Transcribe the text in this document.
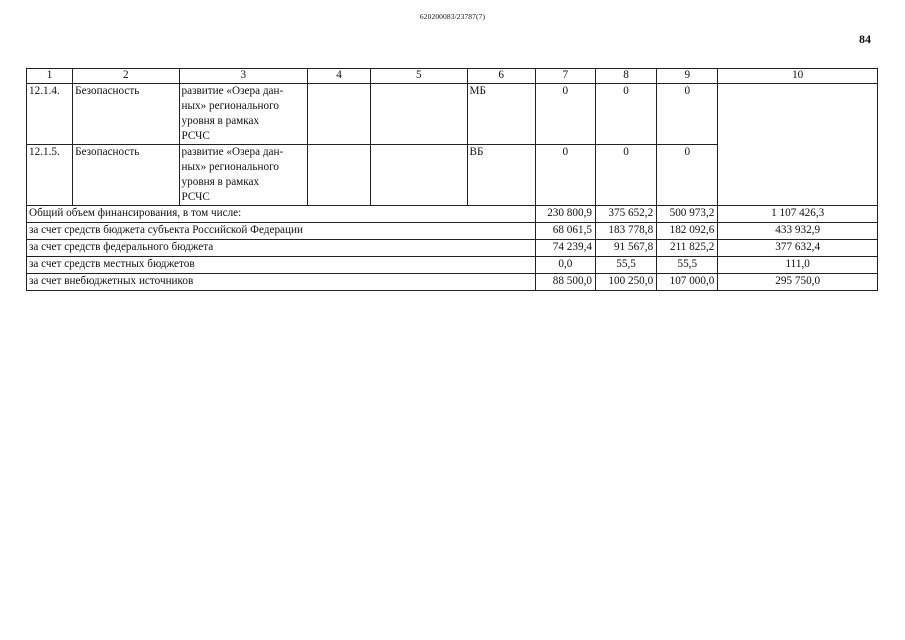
620200083/23787(7)
84
1	2	3	4	5	6	7	8	9	10
12.1.4.	Безопасность	развитие «Озера дан-
ных» регионального
уровня в рамках
РСЧС			МБ	0	0	0	
12.1.5.	Безопасность	развитие «Озера дан-
ных» регионального
уровня в рамках
РСЧС			ВБ	0	0	0	
Общий объем финансирования, в том числе:						230 800,9	375 652,2	500 973,2	1 107 426,3
за счет средств бюджета субъекта Российской Федерации						68 061,5	183 778,8	182 092,6	433 932,9
за счет средств федерального бюджета						74 239,4	91 567,8	211 825,2	377 632,4
за счет средств местных бюджетов						0,0	55,5	55,5	111,0
за счет внебюджетных источников						88 500,0	100 250,0	107 000,0	295 750,0
